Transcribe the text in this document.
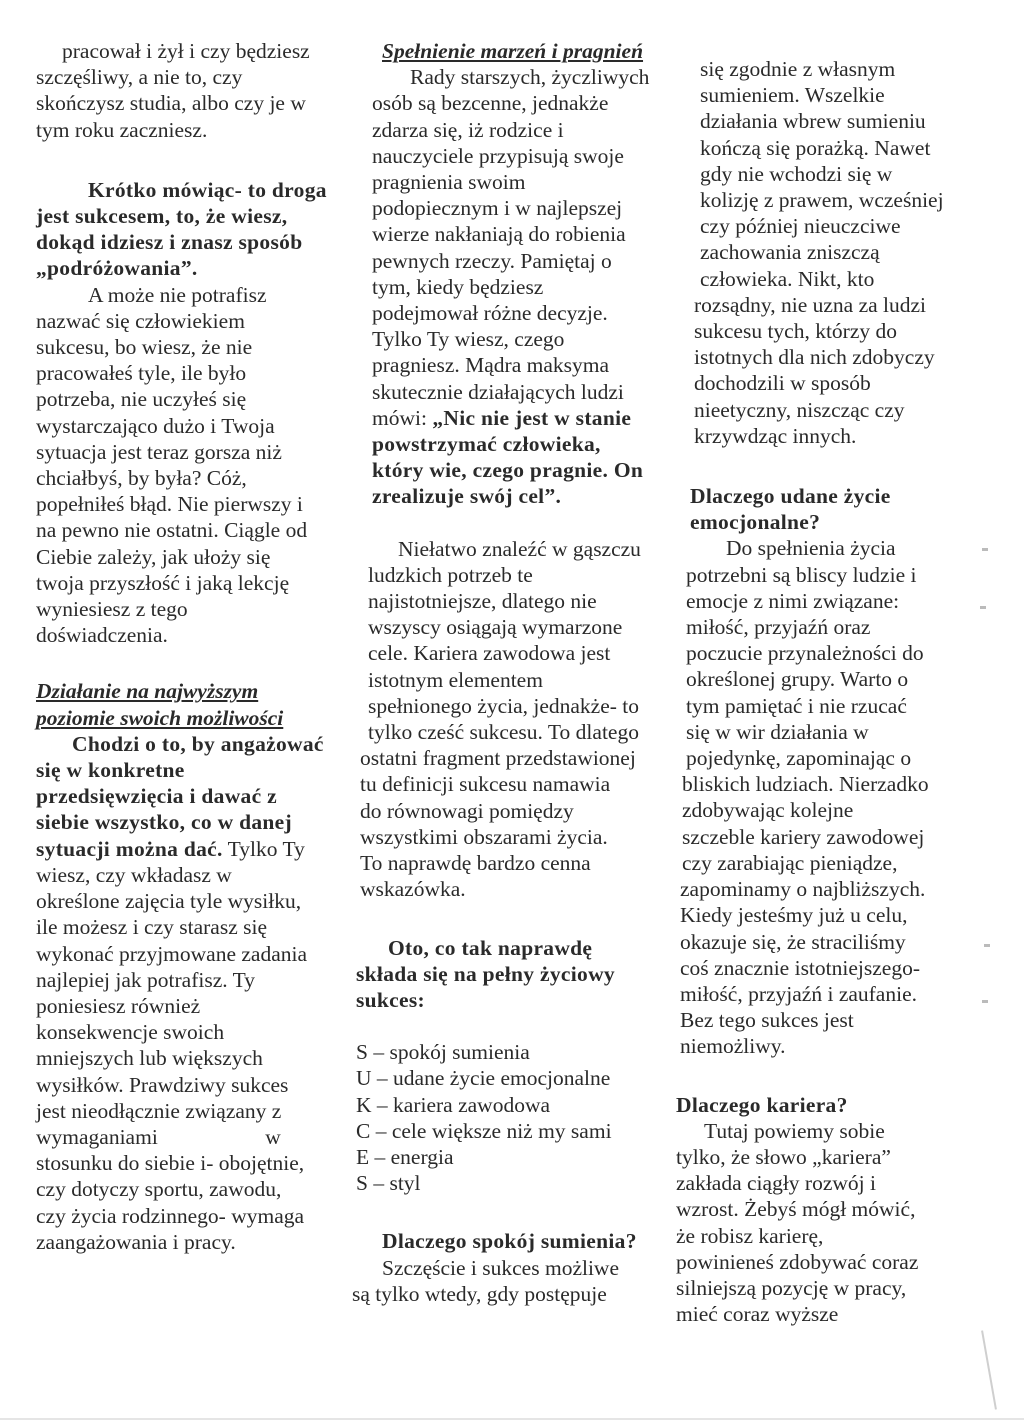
pracował i żył i czy będziesz
szczęśliwy, a nie to, czy
skończysz studia, albo czy je w
tym roku zaczniesz.
Krótko mówiąc- to droga
jest sukcesem, to, że wiesz,
dokąd idziesz i znasz sposób
„podróżowania”.
A może nie potrafisz
nazwać się człowiekiem
sukcesu, bo wiesz, że nie
pracowałeś tyle, ile było
potrzeba, nie uczyłeś się
wystarczająco dużo i Twoja
sytuacja jest teraz gorsza niż
chciałbyś, by była? Cóż,
popełniłeś błąd. Nie pierwszy i
na pewno nie ostatni. Ciągle od
Ciebie zależy, jak ułoży się
twoja przyszłość i jaką lekcję
wyniesiesz z tego
doświadczenia.
Działanie na najwyższym
poziomie swoich możliwości
Chodzi o to, by angażować
się w konkretne
przedsięwzięcia i dawać z
siebie wszystko, co w danej
sytuacji można dać. Tylko Ty
wiesz, czy wkładasz w
określone zajęcia tyle wysiłku,
ile możesz i czy starasz się
wykonać przyjmowane zadania
najlepiej jak potrafisz. Ty
poniesiesz również
konsekwencje swoich
mniejszych lub większych
wysiłków. Prawdziwy sukces
jest nieodłącznie związany z
wymaganiami                    w
stosunku do siebie i- obojętnie,
czy dotyczy sportu, zawodu,
czy życia rodzinnego- wymaga
zaangażowania i pracy.
Spełnienie marzeń i pragnień
Rady starszych, życzliwych
osób są bezcenne, jednakże
zdarza się, iż rodzice i
nauczyciele przypisują swoje
pragnienia swoim
podopiecznym i w najlepszej
wierze nakłaniają do robienia
pewnych rzeczy. Pamiętaj o
tym, kiedy będziesz
podejmował różne decyzje.
Tylko Ty wiesz, czego
pragniesz. Mądra maksyma
skutecznie działających ludzi
mówi: „Nic nie jest w stanie
powstrzymać człowieka,
który wie, czego pragnie. On
zrealizuje swój cel”.
Niełatwo znaleźć w gąszczu
ludzkich potrzeb te
najistotniejsze, dlatego nie
wszyscy osiągają wymarzone
cele. Kariera zawodowa jest
istotnym elementem
spełnionego życia, jednakże- to
tylko cześć sukcesu. To dlatego
ostatni fragment przedstawionej
tu definicji sukcesu namawia
do równowagi pomiędzy
wszystkimi obszarami życia.
To naprawdę bardzo cenna
wskazówka.
Oto, co tak naprawdę
składa się na pełny życiowy
sukces:
S – spokój sumienia
U – udane życie emocjonalne
K – kariera zawodowa
C – cele większe niż my sami
E – energia
S – styl
Dlaczego spokój sumienia?
Szczęście i sukces możliwe
są tylko wtedy, gdy postępuje
się zgodnie z własnym
sumieniem. Wszelkie
działania wbrew sumieniu
kończą się porażką. Nawet
gdy nie wchodzi się w
kolizję z prawem, wcześniej
czy później nieuczciwe
zachowania zniszczą
człowieka. Nikt, kto
rozsądny, nie uzna za ludzi
sukcesu tych, którzy do
istotnych dla nich zdobyczy
dochodzili w sposób
nieetyczny, niszcząc czy
krzywdząc innych.
Dlaczego udane życie
emocjonalne?
Do spełnienia życia
potrzebni są bliscy ludzie i
emocje z nimi związane:
miłość, przyjaźń oraz
poczucie przynależności do
określonej grupy. Warto o
tym pamiętać i nie rzucać
się w wir działania w
pojedynkę, zapominając o
bliskich ludziach. Nierzadko
zdobywając kolejne
szczeble kariery zawodowej
czy zarabiając pieniądze,
zapominamy o najbliższych.
Kiedy jesteśmy już u celu,
okazuje się, że straciliśmy
coś znacznie istotniejszego-
miłość, przyjaźń i zaufanie.
Bez tego sukces jest
niemożliwy.
Dlaczego kariera?
Tutaj powiemy sobie
tylko, że słowo „kariera”
zakłada ciągły rozwój i
wzrost. Żebyś mógł mówić,
że robisz karierę,
powinieneś zdobywać coraz
silniejszą pozycję w pracy,
mieć coraz wyższe
